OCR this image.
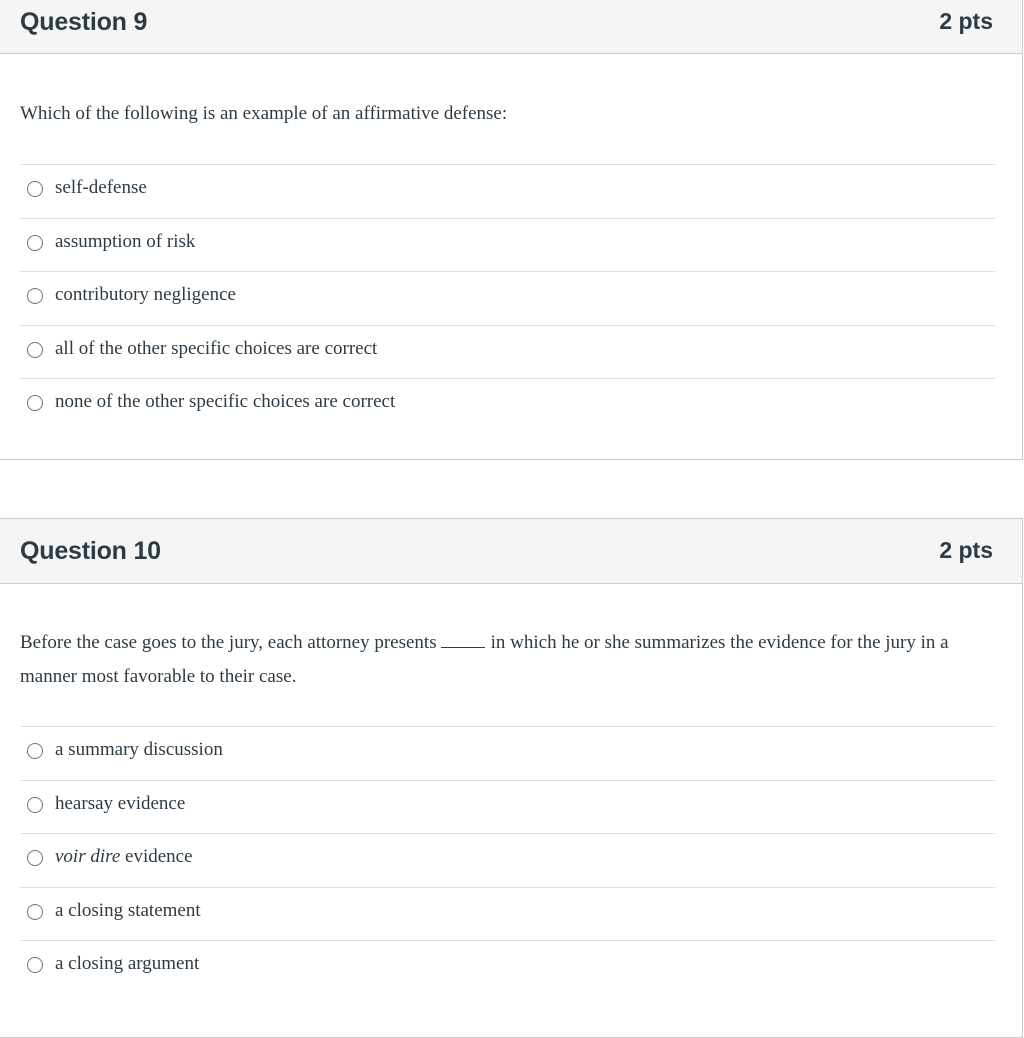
Question 9	2 pts
Which of the following is an example of an affirmative defense:
self-defense
assumption of risk
contributory negligence
all of the other specific choices are correct
none of the other specific choices are correct
Question 10	2 pts
Before the case goes to the jury, each attorney presents	in which he or she summarizes the evidence for the jury in a manner most favorable to their case.
a summary discussion
hearsay evidence
voir dire evidence
a closing statement
a closing argument
